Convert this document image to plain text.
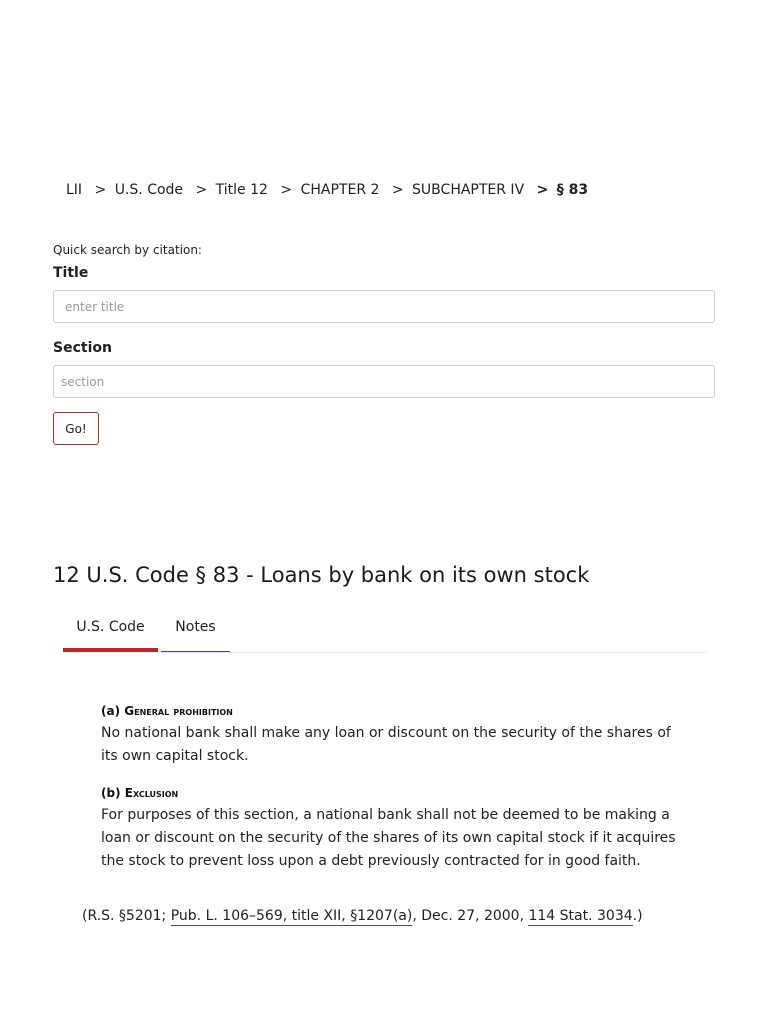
LII > U.S. Code > Title 12 > CHAPTER 2 > SUBCHAPTER IV > § 83

Quick search by citation:

Title
enter title
Section
section Go!
12 U.S. Code § 83 - Loans by bank on its own stock
U.S. Code	Notes
(a) General prohibition

No national bank shall make any loan or discount on the security of the shares of its own capital stock.

(b) Exclusion

For purposes of this section, a national bank shall not be deemed to be making a loan or discount on the security of the shares of its own capital stock if it acquires the stock to prevent loss upon a debt previously contracted for in good faith.

(R.S. §5201; Pub. L. 106–569, title XII, §1207(a), Dec. 27, 2000, 114 Stat. 3034.)
